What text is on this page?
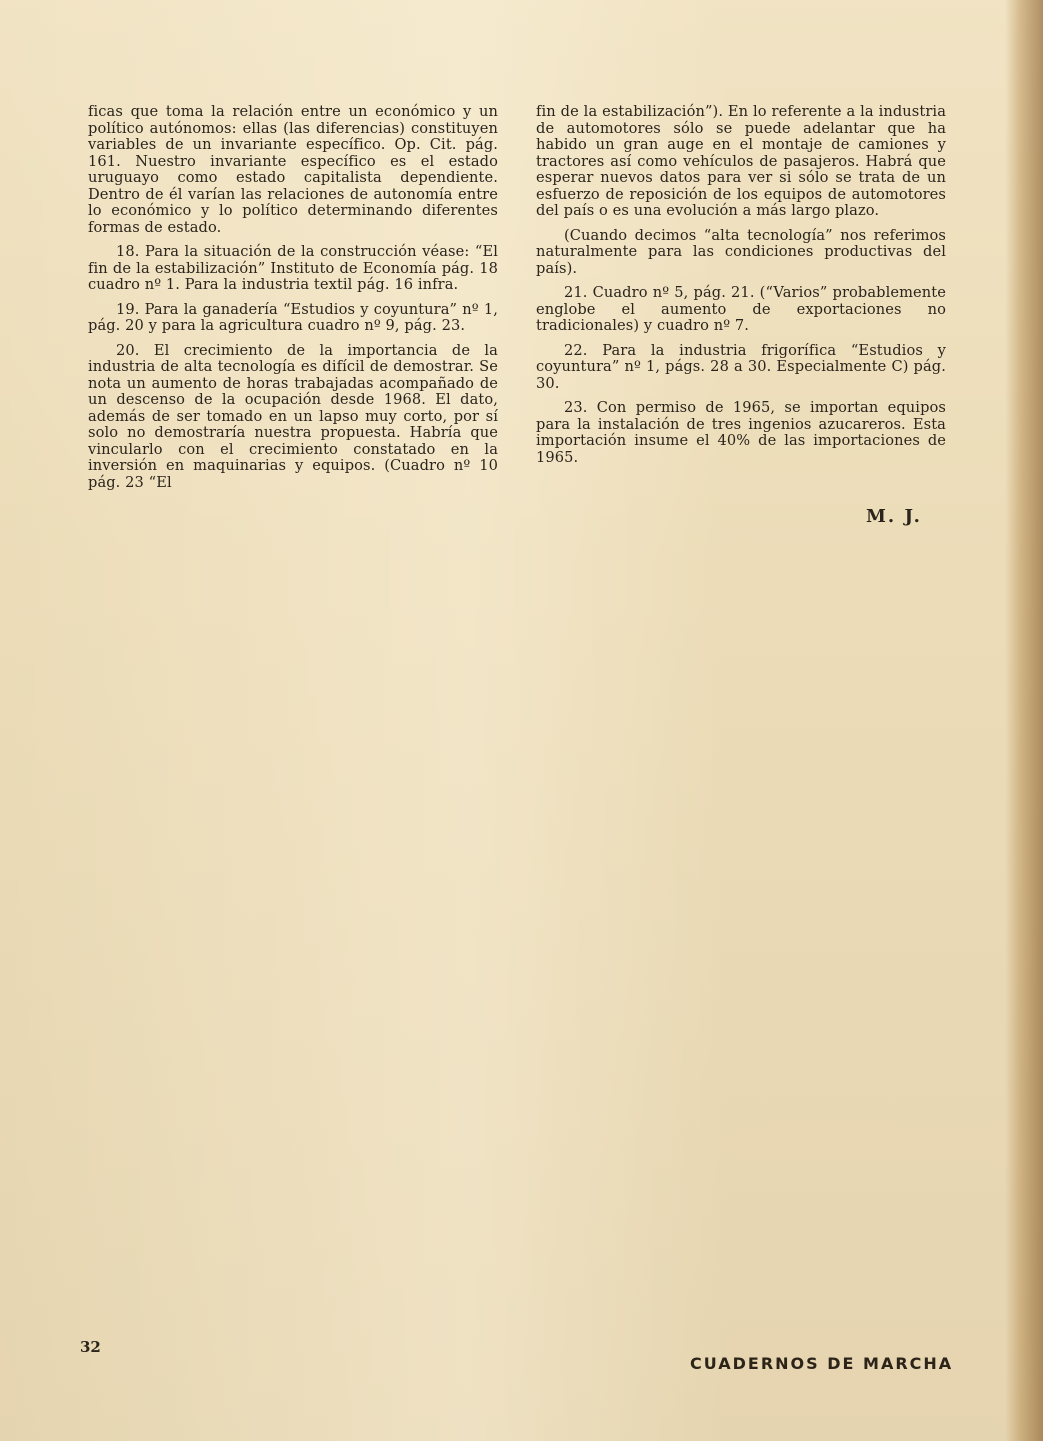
ficas que toma la relación entre un económico y un político autónomos: ellas (las diferencias) constituyen variables de un invariante específico. Op. Cit. pág. 161. Nuestro invariante específico es el estado uruguayo como estado capitalista dependiente. Dentro de él varían las relaciones de autonomía entre lo económico y lo político determinando diferentes formas de estado.

18. Para la situación de la construcción véase: “El fin de la estabilización” Instituto de Economía pág. 18 cuadro nº 1. Para la industria textil pág. 16 infra.

19. Para la ganadería “Estudios y coyuntura” nº 1, pág. 20 y para la agricultura cuadro nº 9, pág. 23.

20. El crecimiento de la importancia de la industria de alta tecnología es difícil de demostrar. Se nota un aumento de horas trabajadas acompañado de un descenso de la ocupación desde 1968. El dato, además de ser tomado en un lapso muy corto, por sí solo no demostraría nuestra propuesta. Habría que vincularlo con el crecimiento constatado en la inversión en maquinarias y equipos. (Cuadro nº 10 pág. 23 “El

fin de la estabilización”). En lo referente a la industria de automotores sólo se puede adelantar que ha habido un gran auge en el montaje de camiones y tractores así como vehículos de pasajeros. Habrá que esperar nuevos datos para ver si sólo se trata de un esfuerzo de reposición de los equipos de automotores del país o es una evolución a más largo plazo.

(Cuando decimos “alta tecnología” nos referimos naturalmente para las condiciones productivas del país).

21. Cuadro nº 5, pág. 21. (“Varios” probablemente englobe el aumento de exportaciones no tradicionales) y cuadro nº 7.

22. Para la industria frigorífica “Estudios y coyuntura” nº 1, págs. 28 a 30. Especialmente C) pág. 30.

23. Con permiso de 1965, se importan equipos para la instalación de tres ingenios azucareros. Esta importación insume el 40% de las importaciones de 1965.

M. J.
32
CUADERNOS DE MARCHA
